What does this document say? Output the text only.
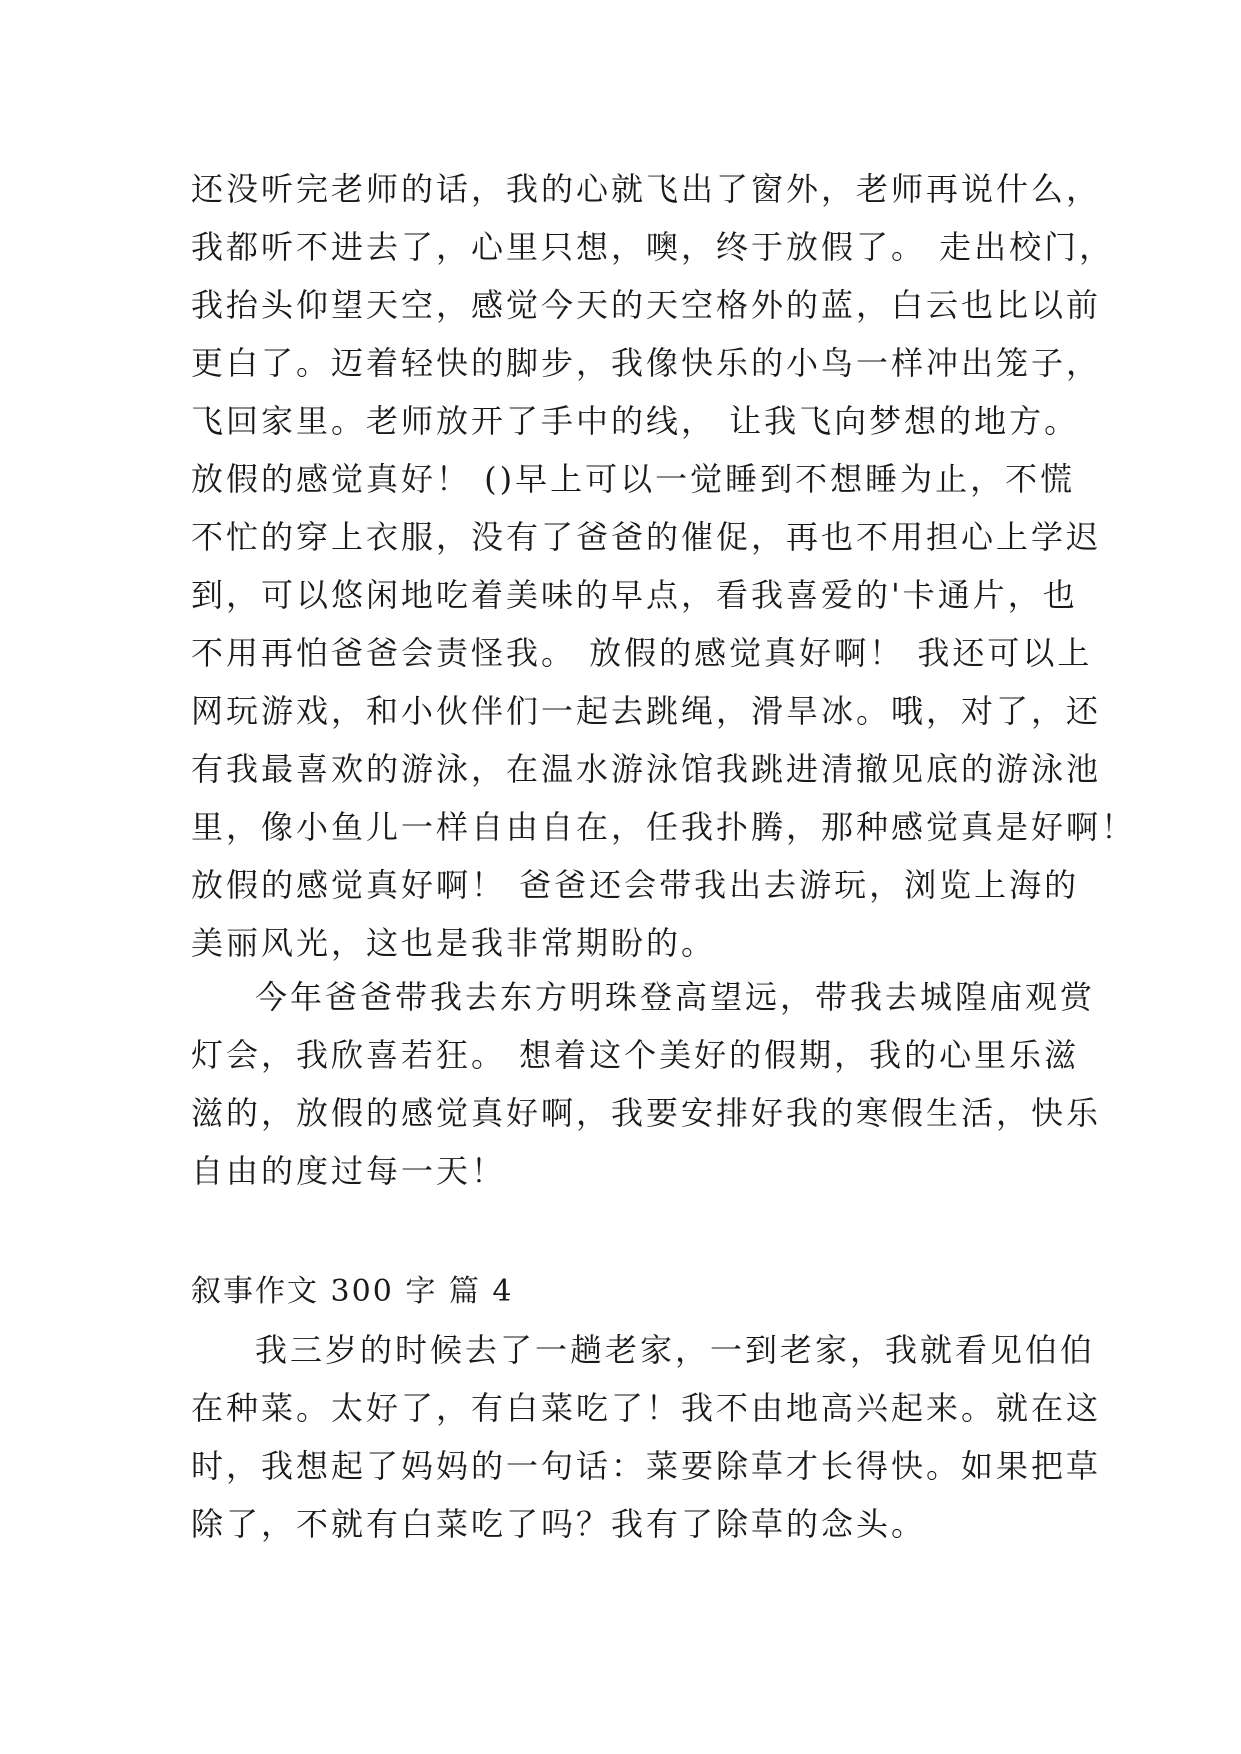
还没听完老师的话，我的心就飞出了窗外，老师再说什么，
我都听不进去了，心里只想，噢，终于放假了。 走出校门，
我抬头仰望天空，感觉今天的天空格外的蓝，白云也比以前
更白了。迈着轻快的脚步，我像快乐的小鸟一样冲出笼子，
飞回家里。老师放开了手中的线， 让我飞向梦想的地方。
放假的感觉真好！ ()早上可以一觉睡到不想睡为止，不慌
不忙的穿上衣服，没有了爸爸的催促，再也不用担心上学迟
到，可以悠闲地吃着美味的早点，看我喜爱的'卡通片，也
不用再怕爸爸会责怪我。 放假的感觉真好啊！ 我还可以上
网玩游戏，和小伙伴们一起去跳绳，滑旱冰。哦，对了，还
有我最喜欢的游泳，在温水游泳馆我跳进清撤见底的游泳池
里，像小鱼儿一样自由自在，任我扑腾，那种感觉真是好啊！
放假的感觉真好啊！ 爸爸还会带我出去游玩，浏览上海的
美丽风光，这也是我非常期盼的。
今年爸爸带我去东方明珠登高望远，带我去城隍庙观赏
灯会，我欣喜若狂。 想着这个美好的假期，我的心里乐滋
滋的，放假的感觉真好啊，我要安排好我的寒假生活，快乐
自由的度过每一天！
叙事作文 300 字 篇 4
我三岁的时候去了一趟老家，一到老家，我就看见伯伯
在种菜。太好了，有白菜吃了！我不由地高兴起来。就在这
时，我想起了妈妈的一句话：菜要除草才长得快。如果把草
除了，不就有白菜吃了吗？我有了除草的念头。
